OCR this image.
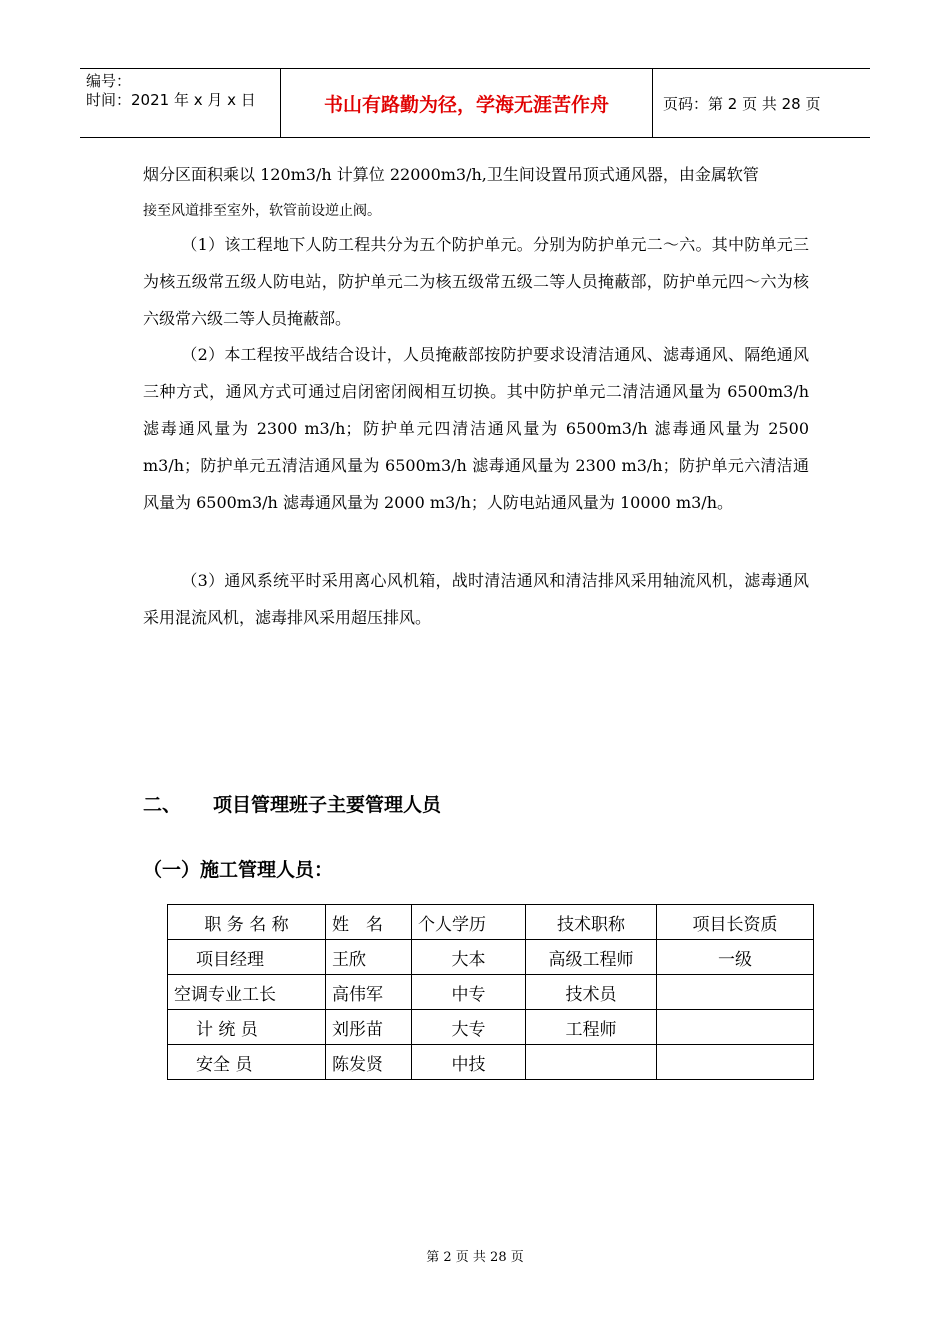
编号：
时间：2021 年 x 月 x 日	书山有路勤为径，学海无涯苦作舟	页码：第 2 页 共 28 页

烟分区面积乘以 120m3/h 计算位 22000m3/h,卫生间设置吊顶式通风器，由金属软管

接至风道排至室外，软管前设逆止阀。

（1）该工程地下人防工程共分为五个防护单元。分别为防护单元二～六。其中防单元三为核五级常五级人防电站，防护单元二为核五级常五级二等人员掩蔽部，防护单元四～六为核六级常六级二等人员掩蔽部。

（2）本工程按平战结合设计，人员掩蔽部按防护要求设清洁通风、滤毒通风、隔绝通风三种方式，通风方式可通过启闭密闭阀相互切换。其中防护单元二清洁通风量为 6500m3/h 滤毒通风量为 2300 m3/h；防护单元四清洁通风量为 6500m3/h 滤毒通风量为 2500 m3/h；防护单元五清洁通风量为 6500m3/h 滤毒通风量为 2300 m3/h；防护单元六清洁通风量为 6500m3/h 滤毒通风量为 2000 m3/h；人防电站通风量为 10000 m3/h。

（3）通风系统平时采用离心风机箱，战时清洁通风和清洁排风采用轴流风机，滤毒通风采用混流风机，滤毒排风采用超压排风。

二、 项目管理班子主要管理人员
（一）施工管理人员：
职 务 名 称	姓　名	个人学历	技术职称	项目长资质
项目经理	王欣	大本	高级工程师	一级
空调专业工长	高伟军	中专	技术员	
计 统 员	刘彤苗	大专	工程师	
安全 员	陈发贤	中技		
第 2 页 共 28 页
